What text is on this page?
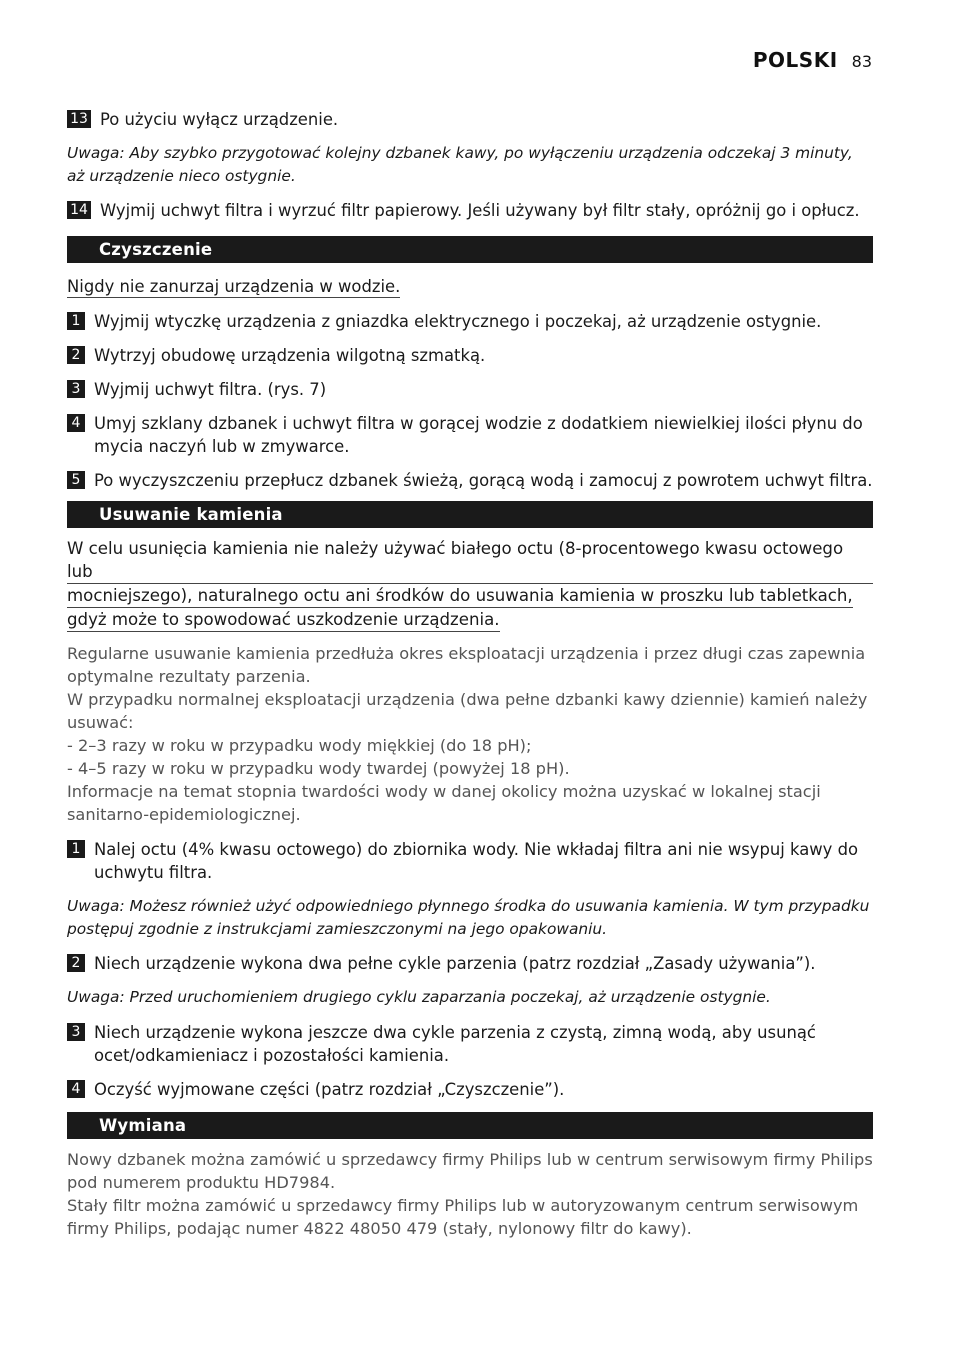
POLSKI 83
13 Po użyciu wyłącz urządzenie.
Uwaga: Aby szybko przygotować kolejny dzbanek kawy, po wyłączeniu urządzenia odczekaj 3 minuty, aż urządzenie nieco ostygnie.
14 Wyjmij uchwyt filtra i wyrzuć filtr papierowy. Jeśli używany był filtr stały, opróżnij go i opłucz.
Czyszczenie
Nigdy nie zanurzaj urządzenia w wodzie.
1 Wyjmij wtyczkę urządzenia z gniazdka elektrycznego i poczekaj, aż urządzenie ostygnie.
2 Wytrzyj obudowę urządzenia wilgotną szmatką.
3 Wyjmij uchwyt filtra. (rys. 7)
4 Umyj szklany dzbanek i uchwyt filtra w gorącej wodzie z dodatkiem niewielkiej ilości płynu do mycia naczyń lub w zmywarce.
5 Po wyczyszczeniu przepłucz dzbanek świeżą, gorącą wodą i zamocuj z powrotem uchwyt filtra.
Usuwanie kamienia
W celu usunięcia kamienia nie należy używać białego octu (8-procentowego kwasu octowego lub
mocniejszego), naturalnego octu ani środków do usuwania kamienia w proszku lub tabletkach,
gdyż może to spowodować uszkodzenie urządzenia.

Regularne usuwanie kamienia przedłuża okres eksploatacji urządzenia i przez długi czas zapewnia optymalne rezultaty parzenia.

W przypadku normalnej eksploatacji urządzenia (dwa pełne dzbanki kawy dziennie) kamień należy usuwać:

- 2–3 razy w roku w przypadku wody miękkiej (do 18 pH);

- 4–5 razy w roku w przypadku wody twardej (powyżej 18 pH).

Informacje na temat stopnia twardości wody w danej okolicy można uzyskać w lokalnej stacji sanitarno-epidemiologicznej.

1 Nalej octu (4% kwasu octowego) do zbiornika wody. Nie wkładaj filtra ani nie wsypuj kawy do uchwytu filtra.
Uwaga: Możesz również użyć odpowiedniego płynnego środka do usuwania kamienia. W tym przypadku postępuj zgodnie z instrukcjami zamieszczonymi na jego opakowaniu.
2 Niech urządzenie wykona dwa pełne cykle parzenia (patrz rozdział „Zasady używania”).
Uwaga: Przed uruchomieniem drugiego cyklu zaparzania poczekaj, aż urządzenie ostygnie.
3 Niech urządzenie wykona jeszcze dwa cykle parzenia z czystą, zimną wodą, aby usunąć ocet/odkamieniacz i pozostałości kamienia.
4 Oczyść wyjmowane części (patrz rozdział „Czyszczenie”).
Wymiana

Nowy dzbanek można zamówić u sprzedawcy firmy Philips lub w centrum serwisowym firmy Philips pod numerem produktu HD7984.

Stały filtr można zamówić u sprzedawcy firmy Philips lub w autoryzowanym centrum serwisowym firmy Philips, podając numer 4822 48050 479 (stały, nylonowy filtr do kawy).
